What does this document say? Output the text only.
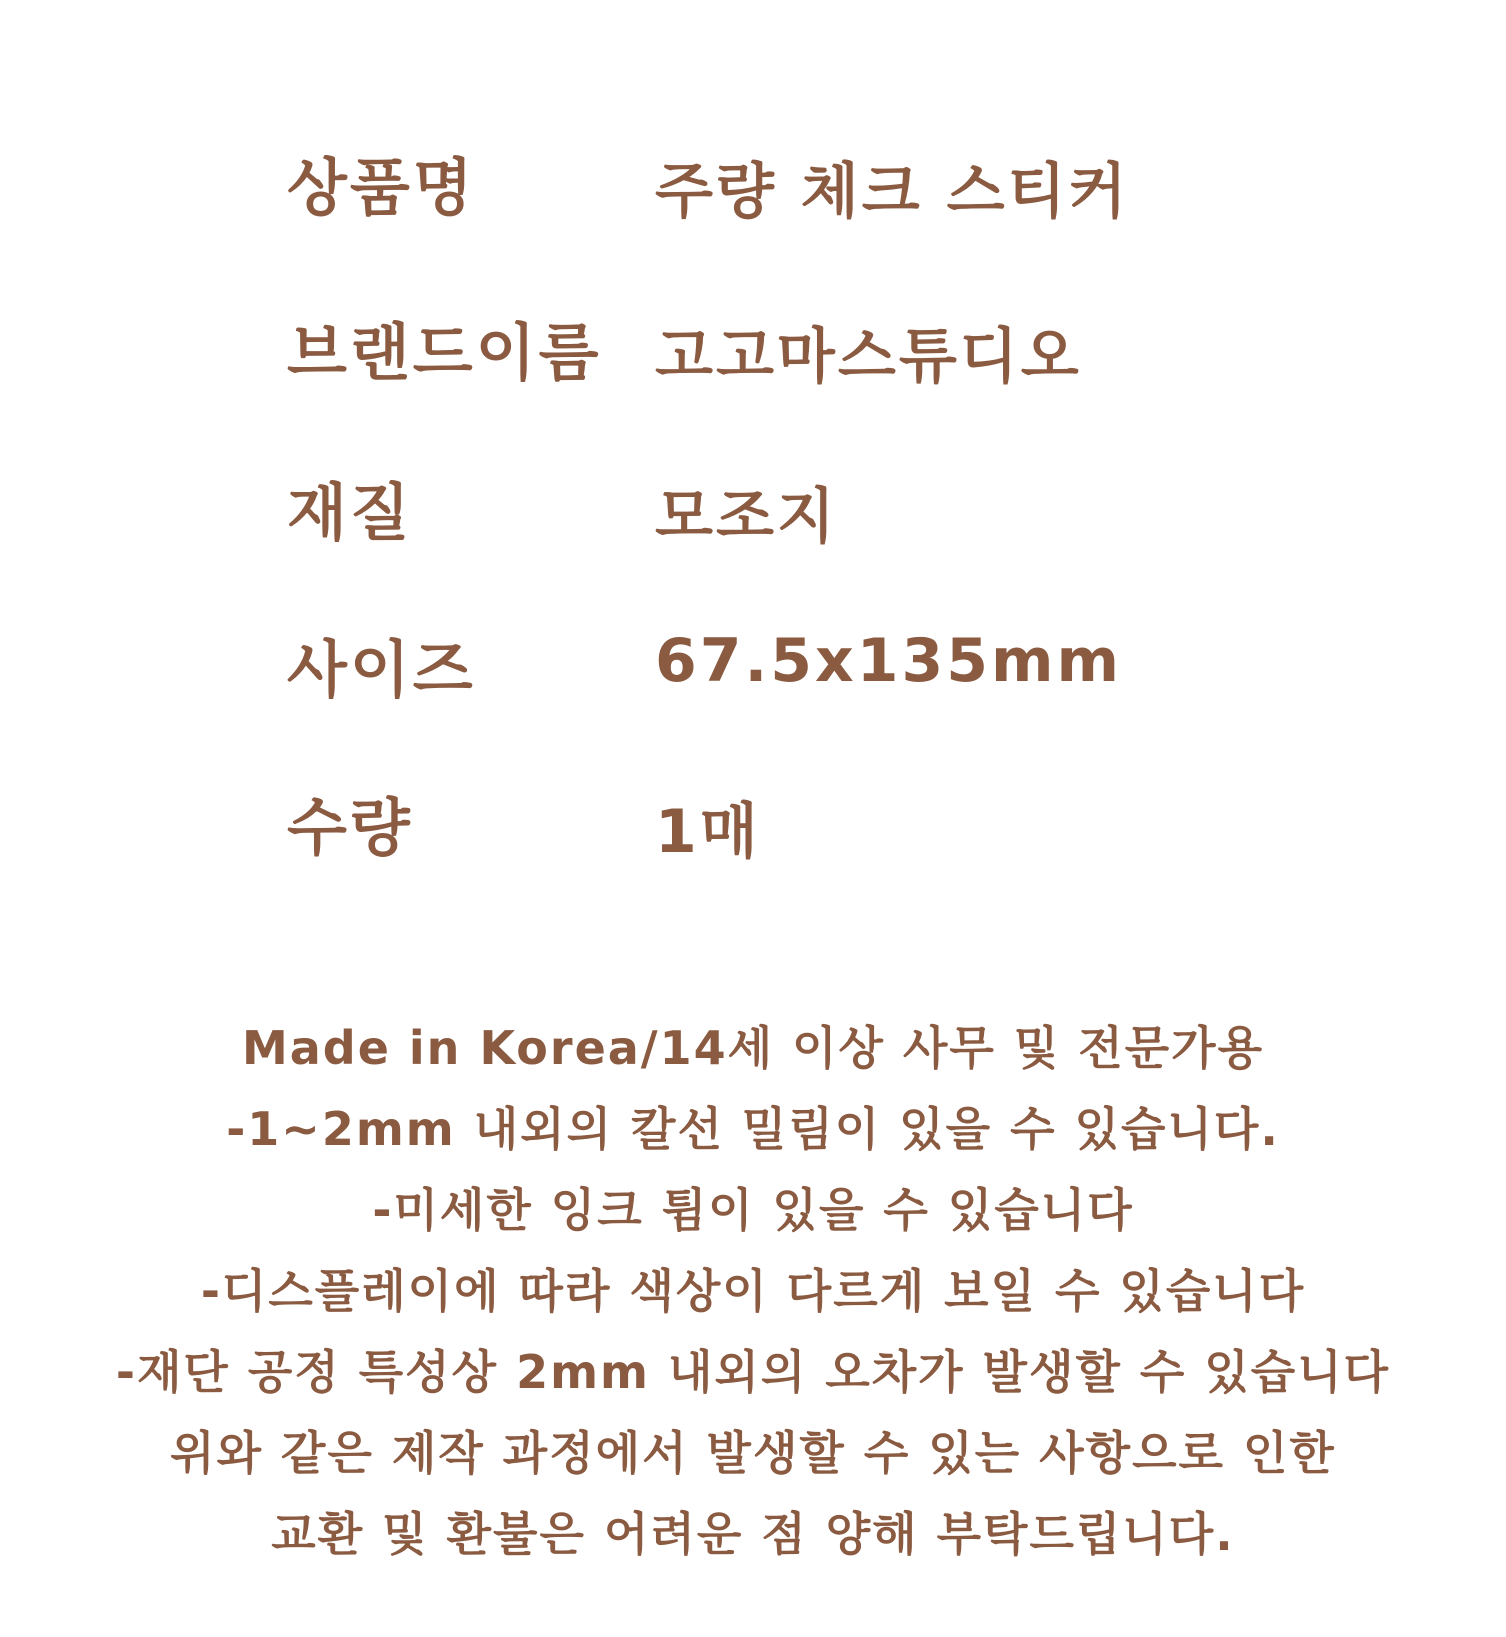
상품명	주량 체크 스티커
브랜드이름 고고마스튜디오
재질	모조지
사이즈	67.5x135mm
수량	1매
Made in Korea/14세 이상 사무 및 전문가용
-1~2mm 내외의 칼선 밀림이 있을 수 있습니다.
-미세한 잉크 튐이 있을 수 있습니다
-디스플레이에 따라 색상이 다르게 보일 수 있습니다
-재단 공정 특성상 2mm 내외의 오차가 발생할 수 있습니다
위와 같은 제작 과정에서 발생할 수 있는 사항으로 인한
교환 및 환불은 어려운 점 양해 부탁드립니다.
